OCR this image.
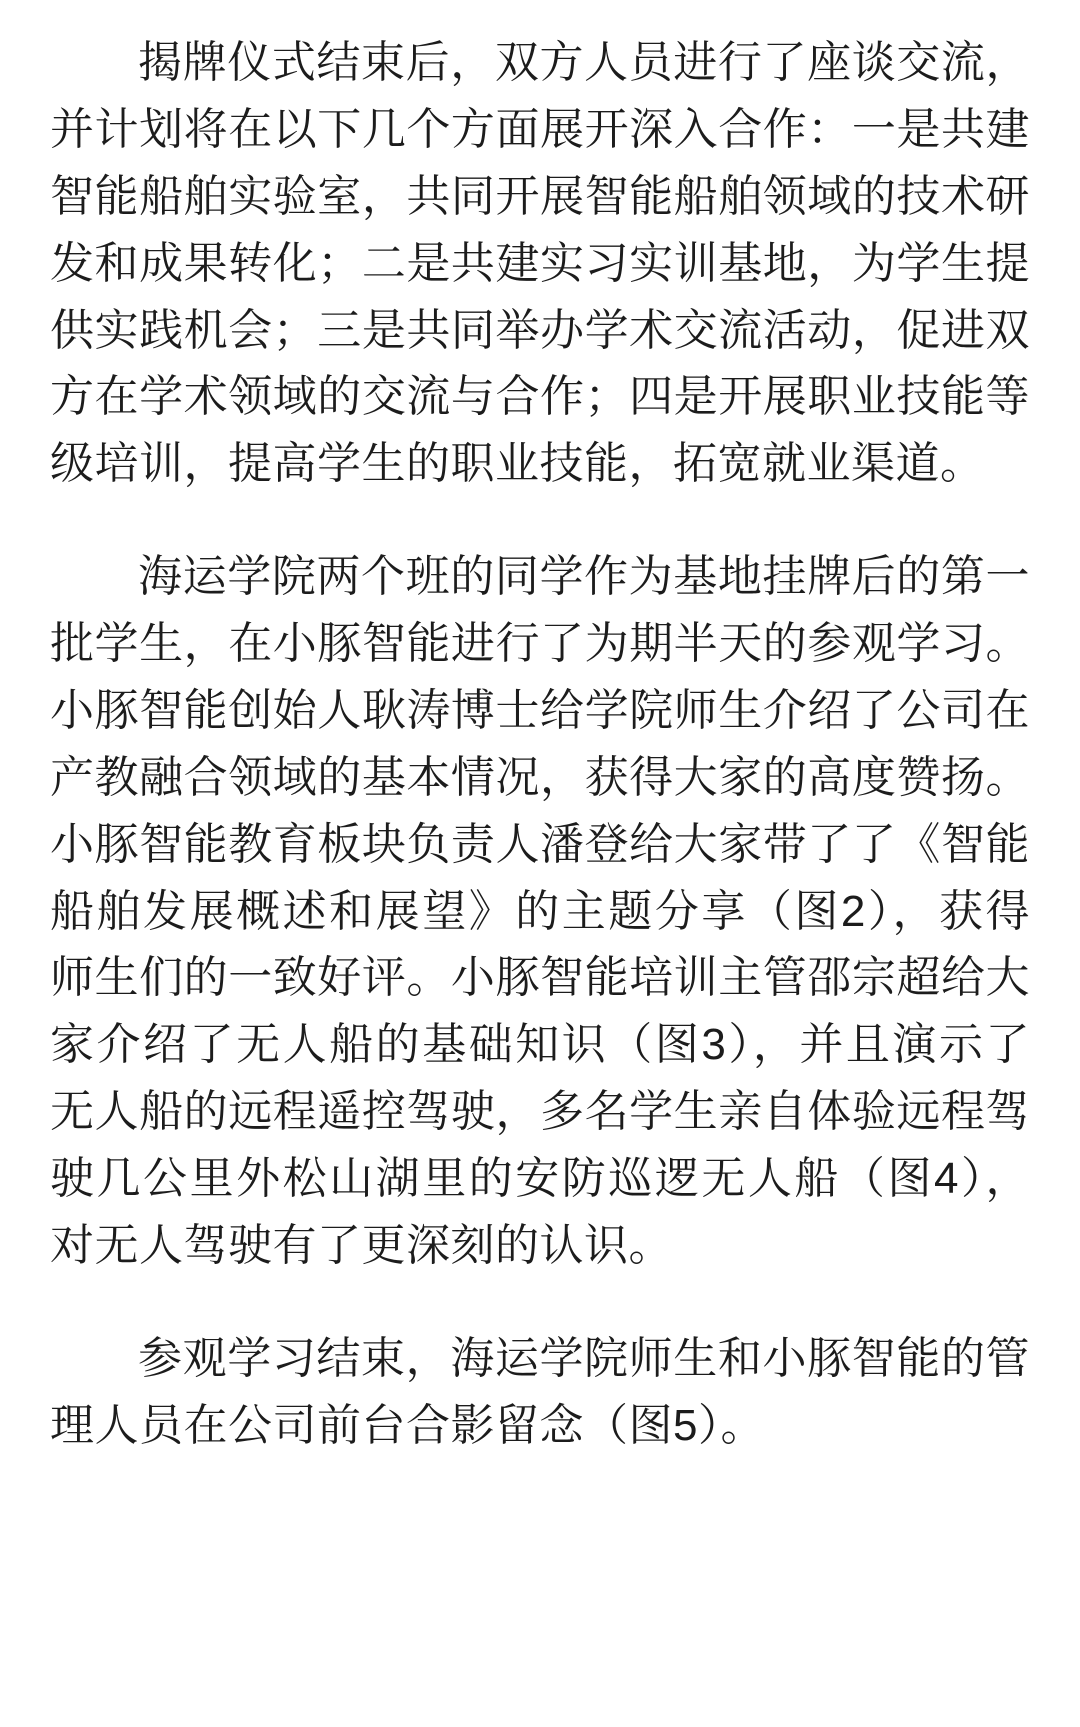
揭牌仪式结束后，双方人员进行了座谈交流，并计划将在以下几个方面展开深入合作：一是共建智能船舶实验室，共同开展智能船舶领域的技术研发和成果转化；二是共建实习实训基地，为学生提供实践机会；三是共同举办学术交流活动，促进双方在学术领域的交流与合作；四是开展职业技能等级培训，提高学生的职业技能，拓宽就业渠道。

海运学院两个班的同学作为基地挂牌后的第一批学生，在小豚智能进行了为期半天的参观学习。小豚智能创始人耿涛博士给学院师生介绍了公司在产教融合领域的基本情况，获得大家的高度赞扬。小豚智能教育板块负责人潘登给大家带了了《智能船舶发展概述和展望》的主题分享（图2），获得师生们的一致好评。小豚智能培训主管邵宗超给大家介绍了无人船的基础知识（图3），并且演示了无人船的远程遥控驾驶，多名学生亲自体验远程驾驶几公里外松山湖里的安防巡逻无人船（图4），对无人驾驶有了更深刻的认识。

参观学习结束，海运学院师生和小豚智能的管理人员在公司前台合影留念（图5）。
